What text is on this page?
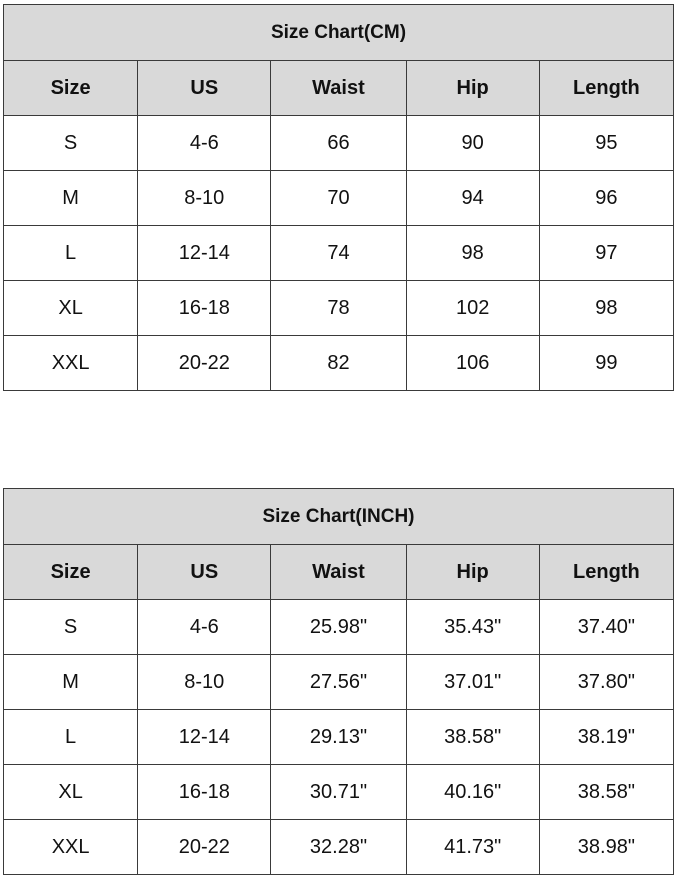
Size Chart(CM)				
Size	US	Waist	Hip	Length
S	4-6	66	90	95
M	8-10	70	94	96
L	12-14	74	98	97
XL	16-18	78	102	98
XXL	20-22	82	106	99
Size Chart(INCH)				
Size	US	Waist	Hip	Length
S	4-6	25.98"	35.43"	37.40"
M	8-10	27.56"	37.01"	37.80"
L	12-14	29.13"	38.58"	38.19"
XL	16-18	30.71"	40.16"	38.58"
XXL	20-22	32.28"	41.73"	38.98"
